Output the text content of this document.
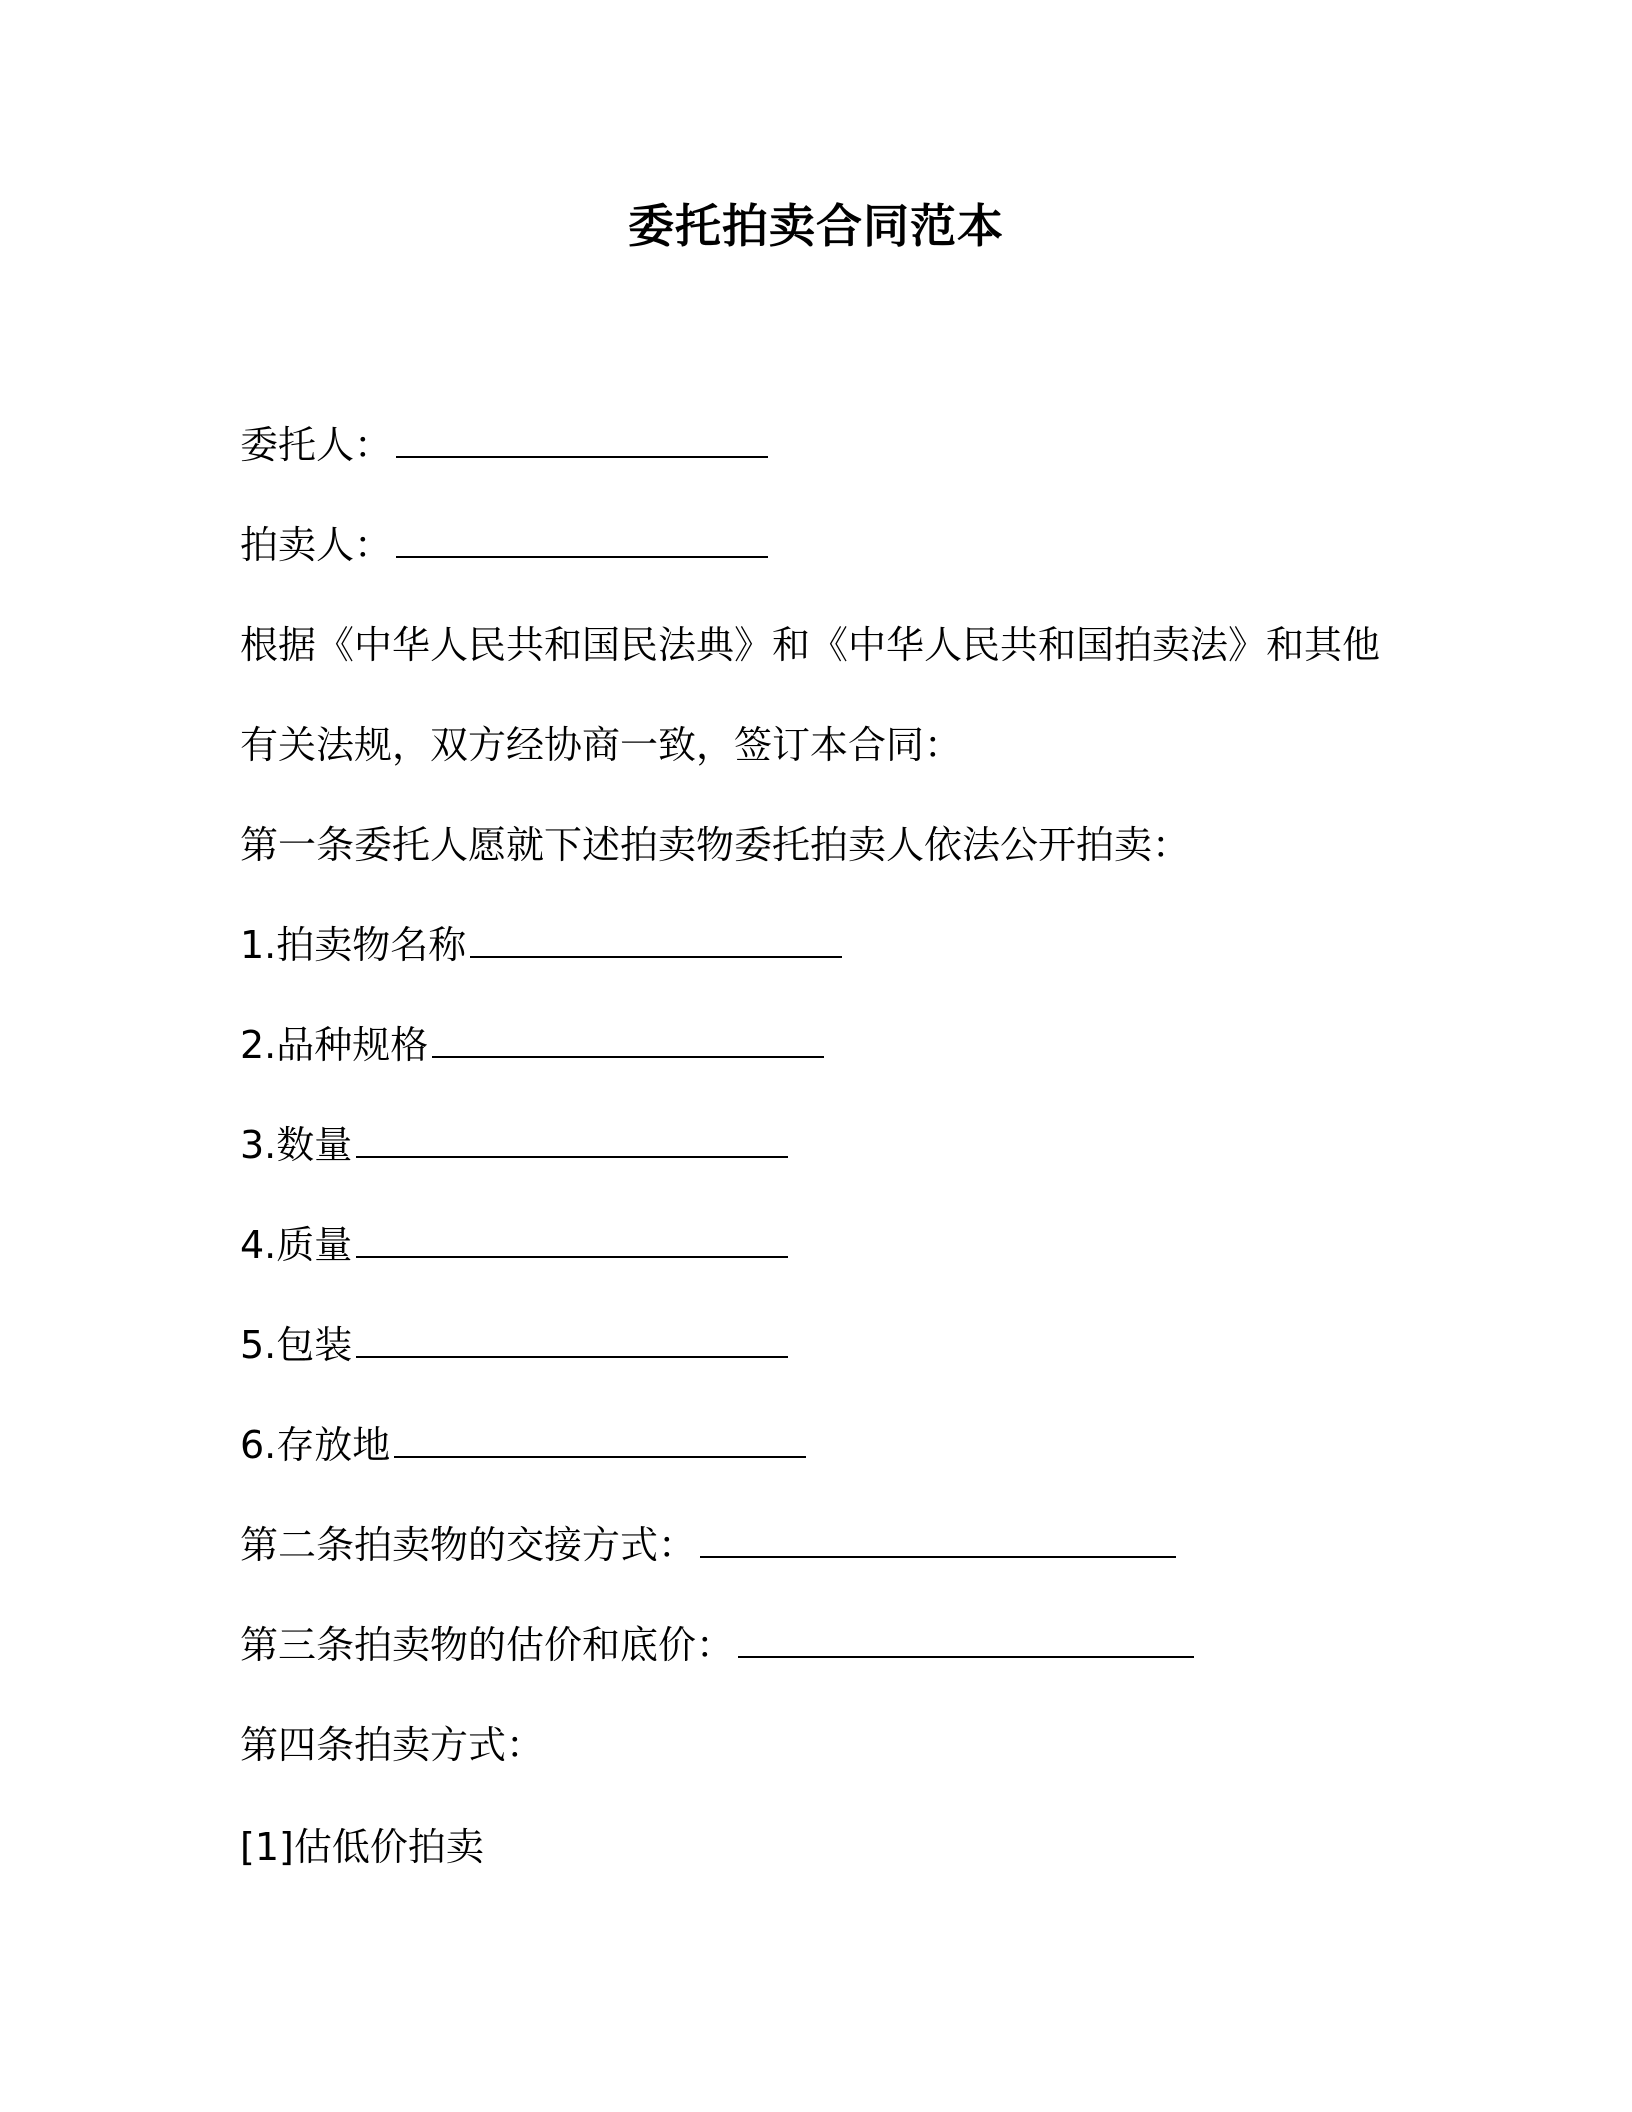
委托拍卖合同范本
委托人：
拍卖人：
根据《中华人民共和国民法典》和《中华人民共和国拍卖法》和其他
有关法规，双方经协商一致，签订本合同：
第一条委托人愿就下述拍卖物委托拍卖人依法公开拍卖：
1.拍卖物名称
2.品种规格
3.数量
4.质量
5.包装
6.存放地
第二条拍卖物的交接方式：
第三条拍卖物的估价和底价：
第四条拍卖方式：
[1]估低价拍卖
